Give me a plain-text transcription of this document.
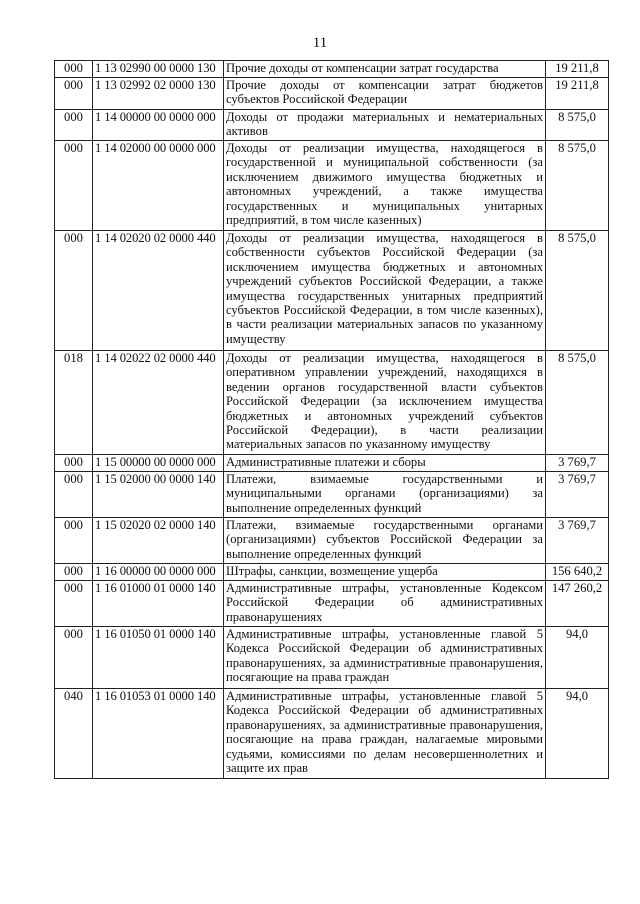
11
000	1 13 02990 00 0000 130	Прочие доходы от компенсации затрат государства	19 211,8
000	1 13 02992 02 0000 130	Прочие доходы от компенсации затрат бюджетов субъектов Российской Федерации	19 211,8
000	1 14 00000 00 0000 000	Доходы от продажи материальных и нематериальных активов	8 575,0
000	1 14 02000 00 0000 000	Доходы от реализации имущества, находящегося в государственной и муниципальной собственности (за исключением движимого имущества бюджетных и автономных учреждений, а также имущества государственных и муниципальных унитарных предприятий, в том числе казенных)	8 575,0
000	1 14 02020 02 0000 440	Доходы от реализации имущества, находящегося в собственности субъектов Российской Федерации (за исключением имущества бюджетных и автономных учреждений субъектов Российской Федерации, а также имущества государственных унитарных предприятий субъектов Российской Федерации, в том числе казенных), в части реализации материальных запасов по указанному имуществу	8 575,0
018	1 14 02022 02 0000 440	Доходы от реализации имущества, находящегося в оперативном управлении учреждений, находящихся в ведении органов государственной власти субъектов Российской Федерации (за исключением имущества бюджетных и автономных учреждений субъектов Российской Федерации), в части реализации материальных запасов по указанному имуществу	8 575,0
000	1 15 00000 00 0000 000	Административные платежи и сборы	3 769,7
000	1 15 02000 00 0000 140	Платежи, взимаемые государственными и муниципальными органами (организациями) за выполнение определенных функций	3 769,7
000	1 15 02020 02 0000 140	Платежи, взимаемые государственными органами (организациями) субъектов Российской Федерации за выполнение определенных функций	3 769,7
000	1 16 00000 00 0000 000	Штрафы, санкции, возмещение ущерба	156 640,2
000	1 16 01000 01 0000 140	Административные штрафы, установленные Кодексом Российской Федерации об административных правонарушениях	147 260,2
000	1 16 01050 01 0000 140	Административные штрафы, установленные главой 5 Кодекса Российской Федерации об административных правонарушениях, за административные правонарушения, посягающие на права граждан	94,0
040	1 16 01053 01 0000 140	Административные штрафы, установленные главой 5 Кодекса Российской Федерации об административных правонарушениях, за административные правонарушения, посягающие на права граждан, налагаемые мировыми судьями, комиссиями по делам несовершеннолетних и защите их прав	94,0
